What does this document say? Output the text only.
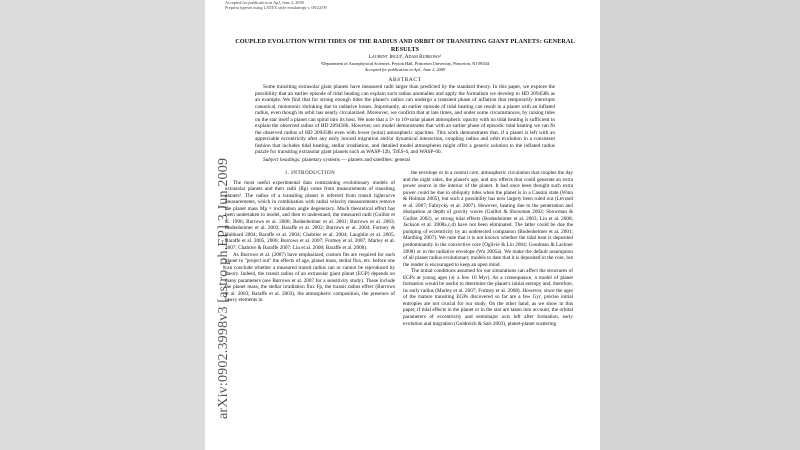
arXiv:0902.3998v3 [astro-ph.EP] 3 Jun 2009
Accepted for publication in ApJ, June 2, 2009
Preprint typeset using LATEX style emulateapj v. 08/22/09
COUPLED EVOLUTION WITH TIDES OF THE RADIUS AND ORBIT OF TRANSITING GIANT PLANETS: GENERAL RESULTS
Laurent Ibgui¹, Adam Burrows¹
¹Department of Astrophysical Sciences, Peyton Hall, Princeton University, Princeton, NJ 08544
Accepted for publication in ApJ, June 2, 2009
ABSTRACT
Some transiting extrasolar giant planets have measured radii larger than predicted by the standard theory. In this paper, we explore the possibility that an earlier episode of tidal heating can explain such radius anomalies and apply the formalism we develop to HD 209458b as an example. We find that for strong enough tides the planet's radius can undergo a transient phase of inflation that temporarily interrupts canonical, monotonic shrinking due to radiative losses. Importantly, an earlier episode of tidal heating can result in a planet with an inflated radius, even though its orbit has nearly circularized. Moreover, we confirm that at late times, and under some circumstances, by raising tides on the star itself a planet can spiral into its host. We note that a 3× to 10×solar planet atmospheric opacity with no tidal heating is sufficient to explain the observed radius of HD 209458b. However, our model demonstrates that with an earlier phase of episodic tidal heating we can fit the observed radius of HD 209458b even with lower (solar) atmospheric opacities. This work demonstrates that, if a planet is left with an appreciable eccentricity after any early inward migration and/or dynamical interaction, coupling radius and orbit evolution in a consistent fashion that includes tidal heating, stellar irradiation, and detailed model atmospheres might offer a generic solution to the inflated radius puzzle for transiting extrasolar giant planets such as WASP-12b, TrES-4, and WASP-6b.
1. INTRODUCTION

The most useful experimental data constraining evolutionary models of extrasolar planets and their radii (Rp) come from measurements of transiting planets¹. The radius of a transiting planet is inferred from transit lightcurve measurements, which in combination with radial velocity measurements remove the planet mass Mp × inclination angle degeneracy. Much theoretical effort has been undertaken to model, and then to understand, the measured radii (Guillot et al. 1996; Burrows et al. 2000; Bodenheimer et al. 2001; Burrows et al. 2003; Bodenheimer et al. 2003; Baraffe et al. 2003; Burrows et al. 2004; Fortney & Hubbard 2004; Baraffe et al. 2004; Chabrier et al. 2004; Laughlin et al. 2005; Baraffe et al. 2005, 2006; Burrows et al. 2007; Fortney et al. 2007; Marley et al. 2007; Chabrier & Baraffe 2007; Liu et al. 2008; Baraffe et al. 2008).

As Burrows et al. (2007) have emphasized, custom fits are required for each planet to "project out" the effects of age, planet mass, stellar flux, etc. before one can conclude whether a measured transit radius can or cannot be reproduced by theory. Indeed, the transit radius of an extrasolar giant planet (EGP) depends on many parameters (see Burrows et al. 2007 for a sensitivity study). These include the planet mass, the stellar irradiation flux Fp, the transit radius effect (Burrows et al. 2003; Baraffe et al. 2003), the atmospheric composition, the presence of heavy elements in

the envelope or in a central core, atmospheric circulation that couples the day and the night sides, the planet's age, and any effects that could generate an extra power source in the interior of the planet. It had once been thought such extra power could be due to obliquity tides when the planet is in a Cassini state (Winn & Holman 2005), but such a possibility has now largely been ruled out (Levrard et al. 2007; Fabrycky et al. 2007). However, heating due to the penetration and dissipation at depth of gravity waves (Guillot & Showman 2002; Showman & Guillot 2002), or strong tidal effects (Bodenheimer et al. 2003; Liu et al. 2008; Jackson et al. 2008a,c,d) have not been eliminated. The latter could be due the pumping of eccentricity by an undetected companion (Bodenheimer et al. 2001; Mardling 2007). We note that it is not known whether the tidal heat is deposited predominantly in the convective core (Ogilvie & Lin 2004; Goodman & Lackner 2008) or in the radiative envelope (Wu 2005a). We make the default assumption of all planet radius evolutionary models to date that it is deposited in the core, but the reader is encouraged to keep an open mind.

The initial conditions assumed for our simulations can affect the structures of EGPs at young ages (≲ a few 10 Myr). As a consequence, a model of planet formation would be useful to determine the planet's initial entropy and, therefore, its early radius (Marley et al. 2007; Fortney et al. 2008). However, since the ages of the mature transiting EGPs discovered so far are a few Gyr, precise initial entropies are not crucial for our study. On the other hand, as we show in this paper, if tidal effects in the planet or in the star are taken into account, the orbital parameters of eccentricity and semimajor axis left after formation, early evolution and migration (Goldreich & Sari 2003), planet-planet scattering

Subject headings: planetary systems — planets and satellites: general
